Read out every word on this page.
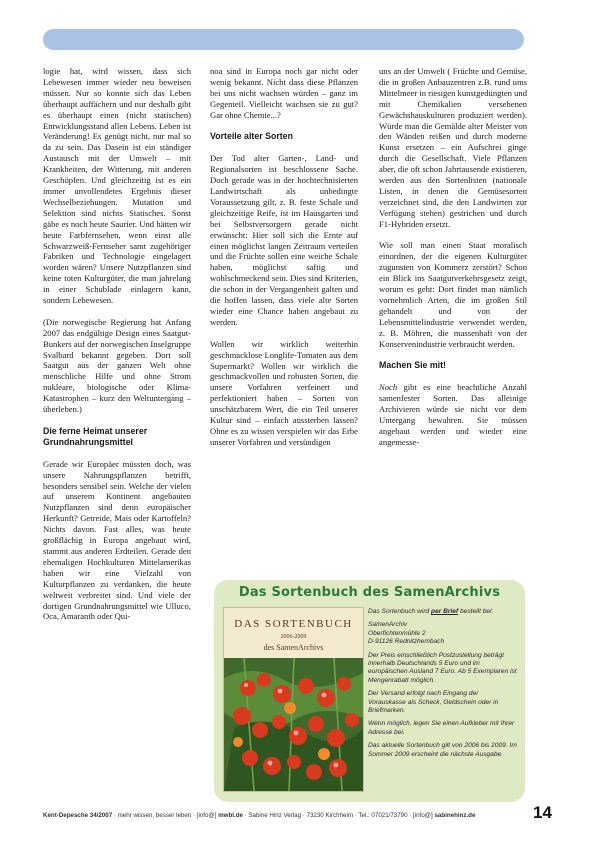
logie hat, wird wissen, dass sich Lebewesen immer wieder neu beweisen müssen. Nur so konnte sich das Leben überhaupt auffächern und nur deshalb gibt es überhaupt einen (nicht statischen) Entwicklungsstand allen Lebens. Leben ist Veränderung! Es genügt nicht, nur mal so da zu sein. Das Dasein ist ein ständiger Austausch mit der Umwelt – mit Krankheiten, der Witterung, mit anderen Geschöpfen. Und gleichzeitig ist es ein immer unvollendetes Ergebnis dieser Wechselbeziehungen. Mutation und Selektion sind nichts Statisches. Sonst gäbe es noch heute Saurier. Und hätten wir heute Farbfernsehen, wenn einst alle Schwarzweiß-Fernseher samt zugehöriger Fabriken und Technologie eingelagert worden wären? Unsere Nutzpflanzen sind keine toten Kulturgüter, die man jahrelang in einer Schublade einlagern kann, sondern Lebewesen.

(Die norwegische Regierung hat Anfang 2007 das endgültige Design eines Saatgut-Bunkers auf der norwegischen Inselgruppe Svalbard bekannt gegeben. Dort soll Saatgut aus der ganzen Welt ohne menschliche Hilfe und ohne Strom nukleare, biologische oder Klima-Katastrophen – kurz den Weltuntergang – überleben.)

Die ferne Heimat unserer Grundnahrungsmittel

Gerade wir Europäer müssten doch, was unsere Nahrungspflanzen betrifft, besonders sensibel sein. Welche der vielen auf unserem Kontinent angebauten Nutzpflanzen sind denn europäischer Herkunft? Getreide, Mais oder Kartoffeln? Nichts davon. Fast alles, was heute großflächig in Europa angebaut wird, stammt aus anderen Erdteilen. Gerade den ehemaligen Hochkulturen Mittelamerikas haben wir eine Vielzahl von Kulturpflanzen zu verdanken, die heute weltweit verbreitet sind. Und viele der dortigen Grundnahrungsmittel wie Ulluco, Oca, Amaranth oder Qui-

noa sind in Europa noch gar nicht oder wenig bekannt. Nicht dass diese Pflanzen bei uns nicht wachsen würden – ganz im Gegenteil. Vielleicht wachsen sie zu gut? Gar ohne Chemie...?

Vorteile alter Sorten

Der Tod alter Garten-, Land- und Regionalsorten ist beschlossene Sache. Doch gerade was in der hochtechnisierten Landwirtschaft als unbedingte Voraussetzung gilt, z. B. feste Schale und gleichzeitige Reife, ist im Hausgarten und bei Selbstversorgern gerade nicht erwünscht: Hier soll sich die Ernte auf einen möglichst langen Zeitraum verteilen und die Früchte sollen eine weiche Schale haben, möglichst saftig und wohlschmeckend sein. Dies sind Kriterien, die schon in der Vergangenheit galten und die hoffen lassen, dass viele alte Sorten wieder eine Chance haben angebaut zu werden.

Wollen wir wirklich weiterhin geschmacklose Longlife-Tomaten aus dem Supermarkt? Wollen wir wirklich die geschmackvollen und robusten Sorten, die unsere Vorfahren verfeinert und perfektioniert haben – Sorten von unschätzbarem Wert, die ein Teil unserer Kultur sind – einfach aussterben lassen? Ohne es zu wissen verspielen wir das Erbe unserer Vorfahren und versündigen

uns an der Umwelt ( Früchte und Gemüse, die in großen Anbauzentren z.B. rund ums Mittelmeer in riesigen kunstgedüngten und mit Chemikalien versehenen Gewächshauskulturen produziert werden). Würde man die Gemälde alter Meister von den Wänden reißen und durch moderne Kunst ersetzen – ein Aufschrei ginge durch die Gesellschaft. Viele Pflanzen aber, die oft schon Jahrtausende existieren, werden aus den Sortenlisten (nationale Listen, in denen die Gemüsesorten verzeichnet sind, die den Landwirten zur Verfügung stehen) gestrichen und durch F1-Hybriden ersetzt.

Wie soll man einen Staat moralisch einordnen, der die eigenen Kulturgüter zugunsten von Kommerz zerstört? Schon ein Blick ins Saatgutverkehrsgesetz zeigt, worum es geht: Dort findet man nämlich vornehmlich Arten, die im großen Stil gehandelt und von der Lebensmittelindustrie verwendet werden, z. B. Möhren, die massenhaft von der Konservenindustrie verbraucht werden.

Machen Sie mit!

Noch gibt es eine beachtliche Anzahl samenfester Sorten. Das alleinige Archivieren würde sie nicht vor dem Untergang bewahren. Sie müssen angebaut werden und wieder eine angemesse-

Das Sortenbuch des SamenArchivs
DAS SORTENBUCH
2006-2009
des SamenArchivs

Das Sortenbuch wird per Brief bestellt bei:

SamenArchiv
Oberfichtenmühle 2
D-91126 Rednitzhembach

Der Preis einschließlich Postzustellung beträgt innerhalb Deutschlands 5 Euro und im europäischen Ausland 7 Euro. Ab 5 Exemplaren ist Mengenrabatt möglich.

Der Versand erfolgt nach Eingang der Vorauskasse als Scheck, Geldschein oder in Briefmarken.

Wenn möglich, legen Sie einen Aufkleber mit Ihrer Adresse bei.

Das aktuelle Sortenbuch gilt von 2006 bis 2009. Im Sommer 2009 erscheint die nächste Ausgabe.

Kent-Depesche 34/2007 · mehr wissen, besser leben · [info@] mwbl.de · Sabine Hinz Verlag · 73230 Kirchheim · Tel.: 07021/73790 · [info@] sabinehinz.de	14
